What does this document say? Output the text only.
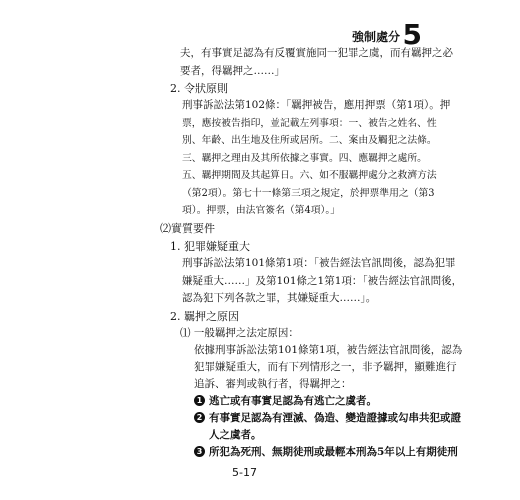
強制處分 5
夫，有事實足認為有反覆實施同一犯罪之虞，而有羈押之必
要者，得羈押之……」
2. 令狀原則
刑事訴訟法第102條：「羈押被告，應用押票（第1項）。押
票，應按被告指印，並記載左列事項：一、被告之姓名、性
別、年齡、出生地及住所或居所。二、案由及觸犯之法條。
三、羈押之理由及其所依據之事實。四、應羈押之處所。
五、羈押期間及其起算日。六、如不服羈押處分之救濟方法
（第2項）。第七十一條第三項之規定，於押票準用之（第3
項）。押票，由法官簽名（第4項）。」
⑵實質要件
1. 犯罪嫌疑重大
刑事訴訟法第101條第1項：「被告經法官訊問後，認為犯罪
嫌疑重大……」及第101條之1第1項：「被告經法官訊問後，
認為犯下列各款之罪，其嫌疑重大……」。
2. 羈押之原因
⑴ 一般羈押之法定原因：
依據刑事訴訟法第101條第1項，被告經法官訊問後，認為
犯罪嫌疑重大，而有下列情形之一，非予羈押，顯難進行
追訴、審判或執行者，得羈押之：
1 逃亡或有事實足認為有逃亡之虞者。
2 有事實足認為有湮滅、偽造、變造證據或勾串共犯或證
人之虞者。
3 所犯為死刑、無期徒刑或最輕本刑為5年以上有期徒刑
5-17
